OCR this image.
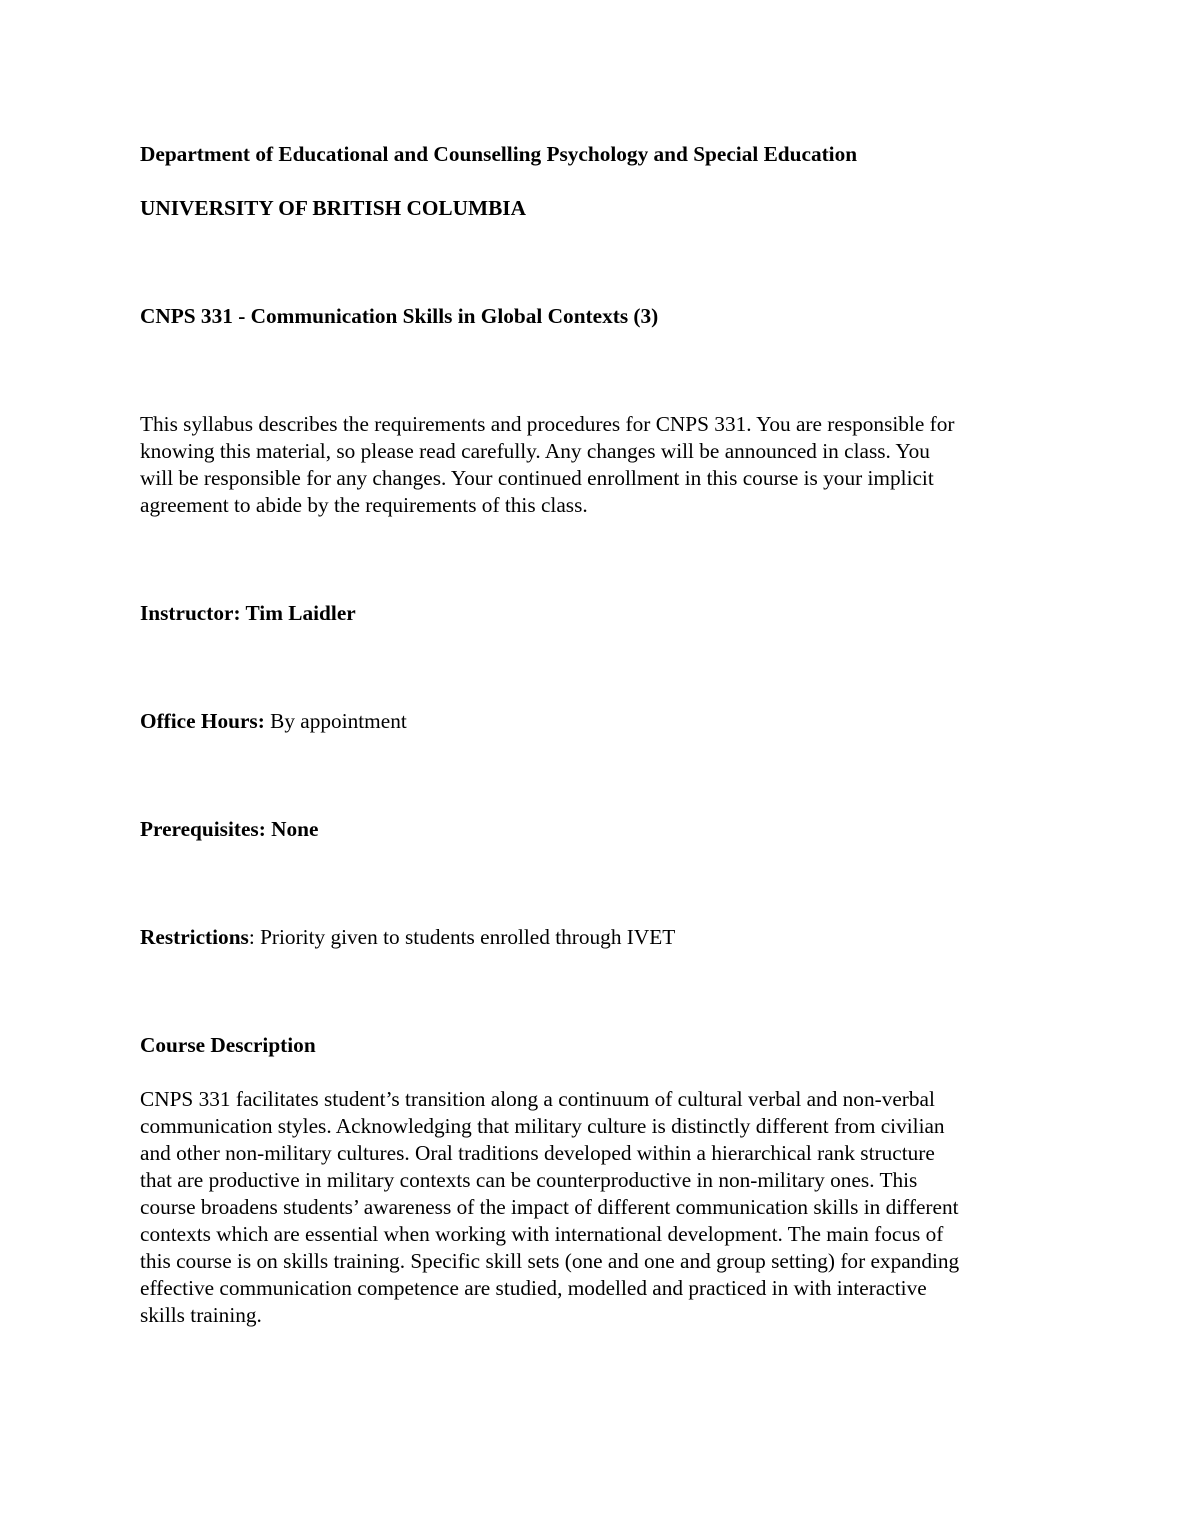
Department of Educational and Counselling Psychology and Special Education

UNIVERSITY OF BRITISH COLUMBIA

CNPS 331 - Communication Skills in Global Contexts (3)

This syllabus describes the requirements and procedures for CNPS 331. You are responsible for
knowing this material, so please read carefully. Any changes will be announced in class. You
will be responsible for any changes. Your continued enrollment in this course is your implicit
agreement to abide by the requirements of this class.

Instructor: Tim Laidler

Office Hours: By appointment

Prerequisites: None

Restrictions: Priority given to students enrolled through IVET

Course Description

CNPS 331 facilitates student’s transition along a continuum of cultural verbal and non-verbal
communication styles. Acknowledging that military culture is distinctly different from civilian
and other non-military cultures. Oral traditions developed within a hierarchical rank structure
that are productive in military contexts can be counterproductive in non-military ones. This
course broadens students’ awareness of the impact of different communication skills in different
contexts which are essential when working with international development. The main focus of
this course is on skills training. Specific skill sets (one and one and group setting) for expanding
effective communication competence are studied, modelled and practiced in with interactive
skills training.
